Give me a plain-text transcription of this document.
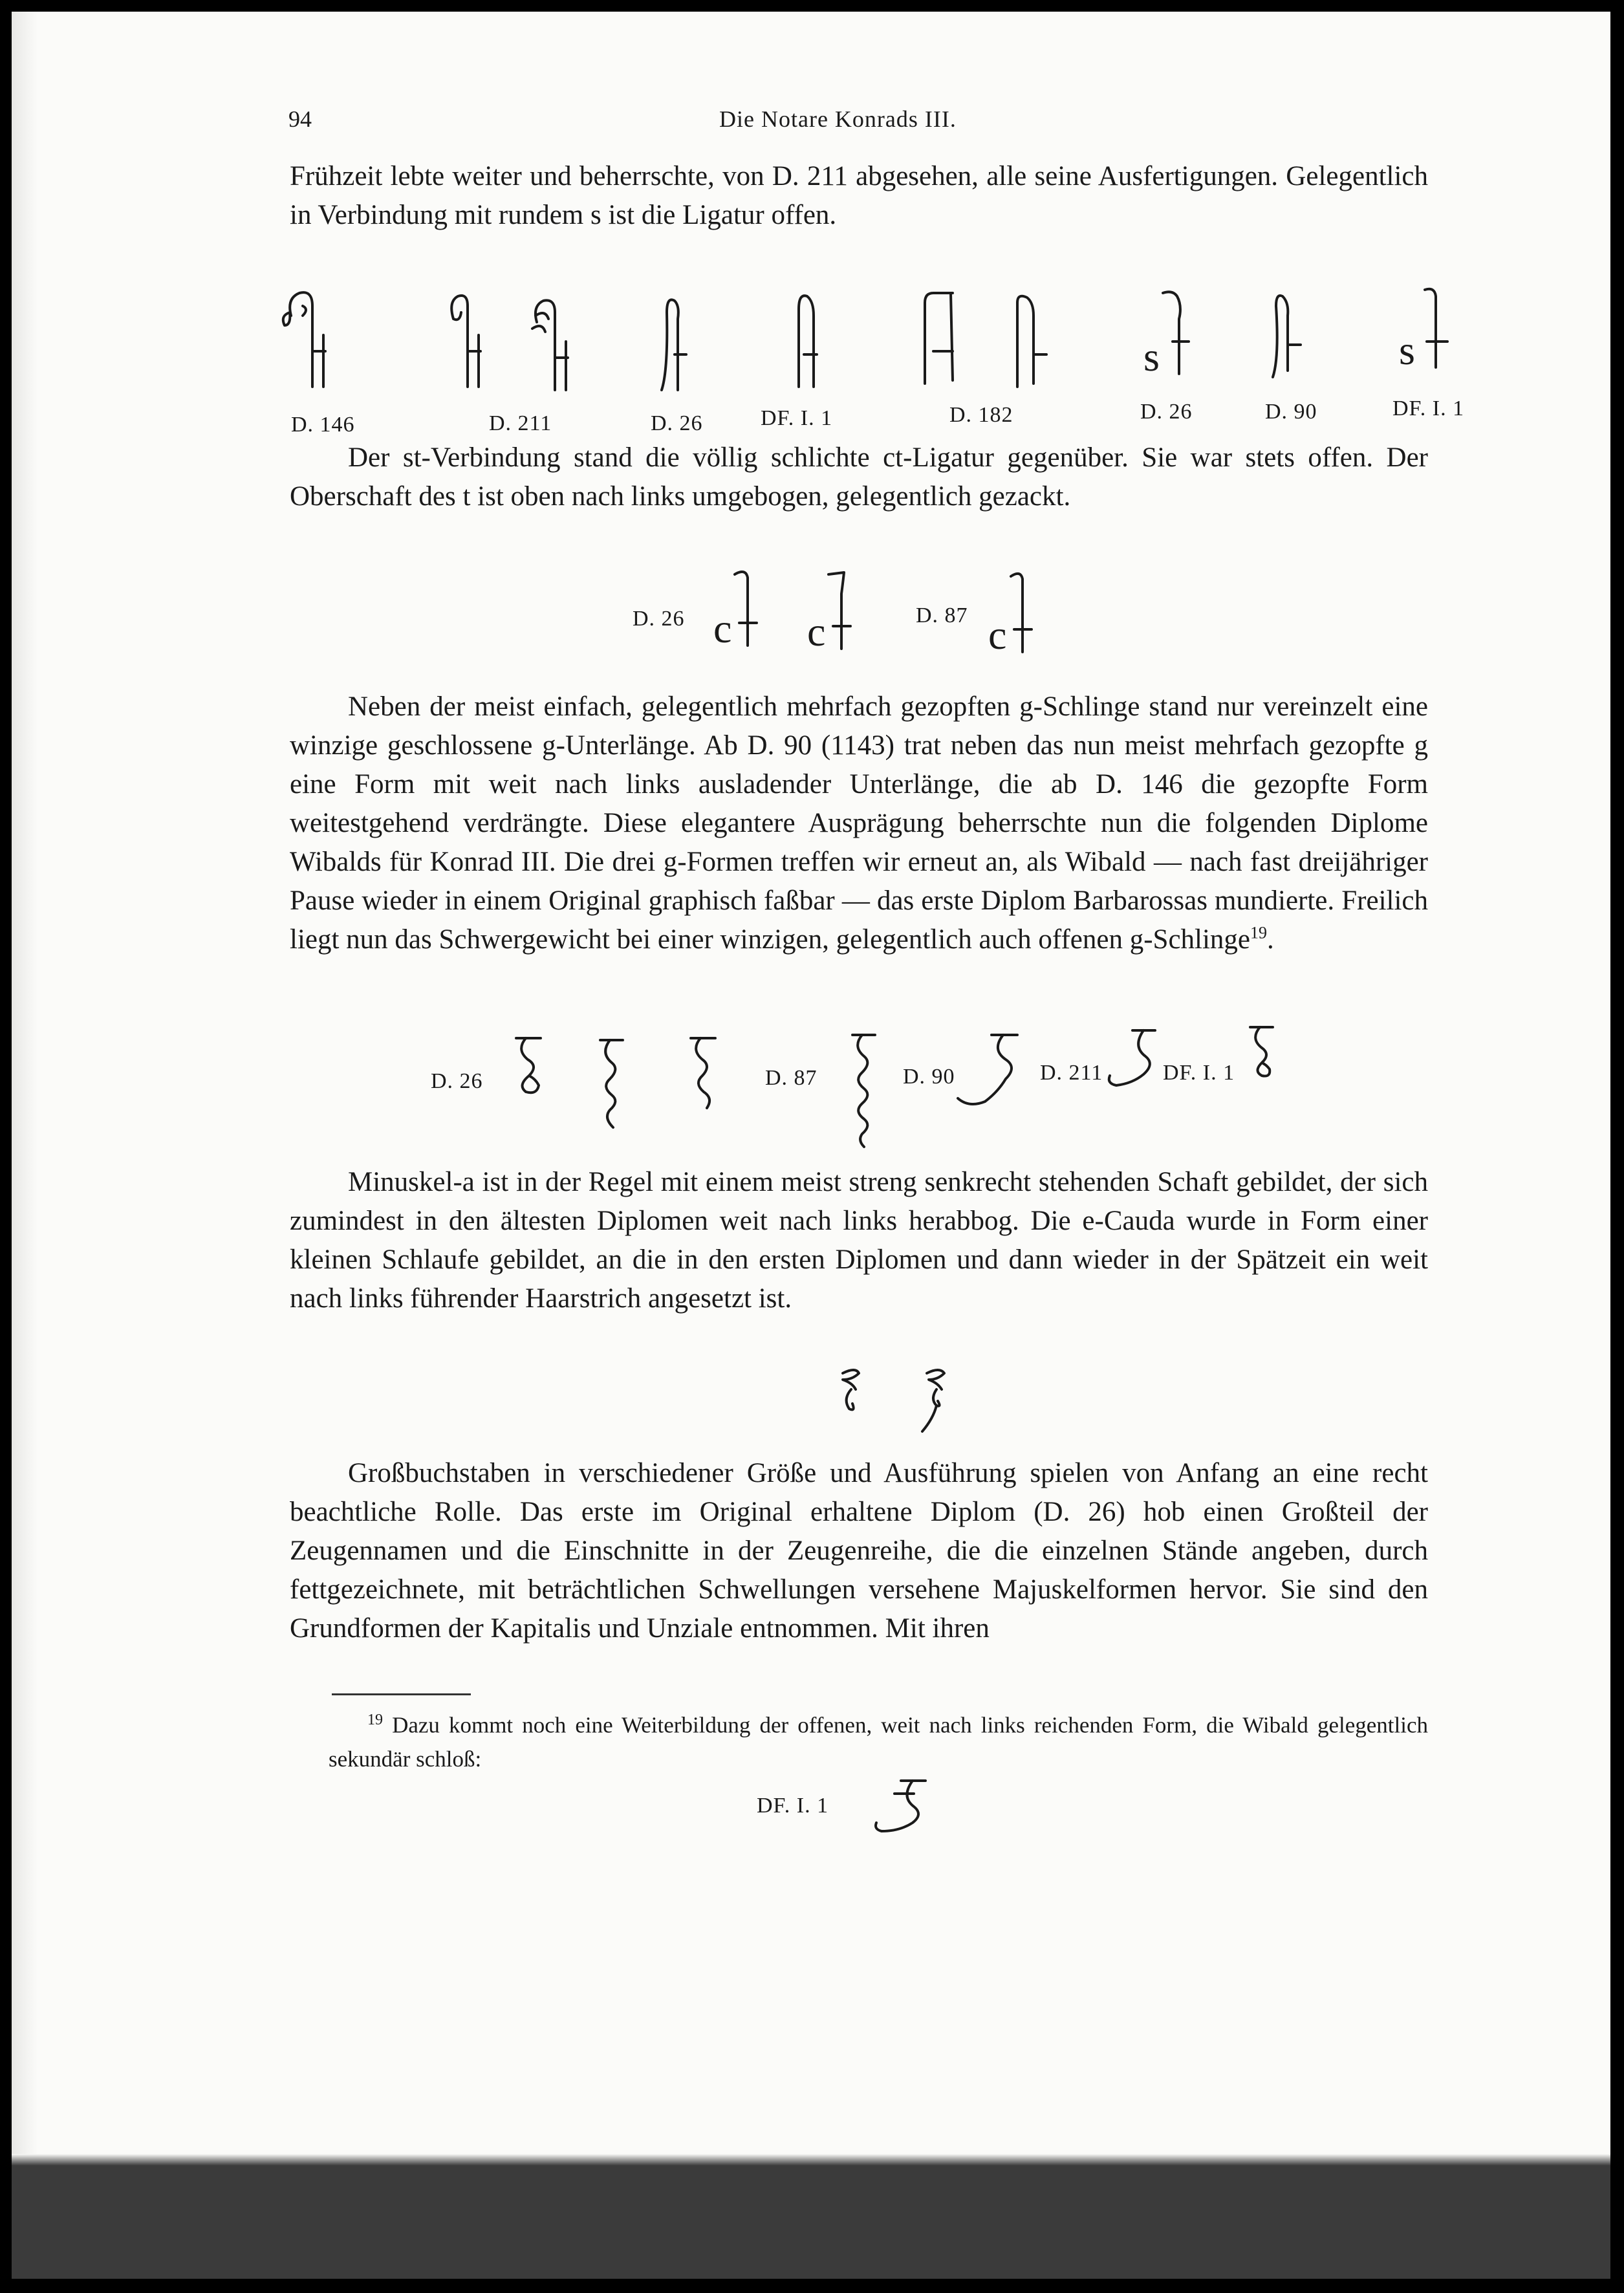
94	Die Notare Konrads III.

Frühzeit lebte weiter und beherrschte, von D. 211 abgesehen, alle seine Ausfertigungen. Gelegentlich in Verbindung mit rundem s ist die Ligatur offen.

s	s
D. 146	D. 211	D. 26	DF. I. 1	D. 182	D. 26	D. 90	DF. I. 1

Der st-Verbindung stand die völlig schlichte ct-Ligatur gegenüber. Sie war stets offen. Der Oberschaft des t ist oben nach links umgebogen, gelegentlich gezackt.

D. 26 c c	D. 87 c

Neben der meist einfach, gelegentlich mehrfach gezopften g-Schlinge stand nur vereinzelt eine winzige geschlossene g-Unterlänge. Ab D. 90 (1143) trat neben das nun meist mehrfach gezopfte g eine Form mit weit nach links ausladender Unterlänge, die ab D. 146 die gezopfte Form weitestgehend verdrängte. Diese elegantere Ausprägung beherrschte nun die folgenden Diplome Wibalds für Konrad III. Die drei g-Formen treffen wir erneut an, als Wibald — nach fast dreijähriger Pause wieder in einem Original graphisch faßbar — das erste Diplom Barbarossas mundierte. Freilich liegt nun das Schwergewicht bei einer winzigen, gelegentlich auch offenen g-Schlinge$^{19}$.

D. 26	D. 87	D. 90	D. 211	DF. I. 1

Minuskel-a ist in der Regel mit einem meist streng senkrecht stehenden Schaft gebildet, der sich zumindest in den ältesten Diplomen weit nach links herabbog. Die e-Cauda wurde in Form einer kleinen Schlaufe gebildet, an die in den ersten Diplomen und dann wieder in der Spätzeit ein weit nach links führender Haarstrich angesetzt ist.

Großbuchstaben in verschiedener Größe und Ausführung spielen von Anfang an eine recht beachtliche Rolle. Das erste im Original erhaltene Diplom (D. 26) hob einen Großteil der Zeugennamen und die Einschnitte in der Zeugenreihe, die die einzelnen Stände angeben, durch fettgezeichnete, mit beträchtlichen Schwellungen versehene Majuskelformen hervor. Sie sind den Grundformen der Kapitalis und Unziale entnommen. Mit ihren

$^{19}$ Dazu kommt noch eine Weiterbildung der offenen, weit nach links reichenden Form, die Wibald gelegentlich sekundär schloß:

DF. I. 1
